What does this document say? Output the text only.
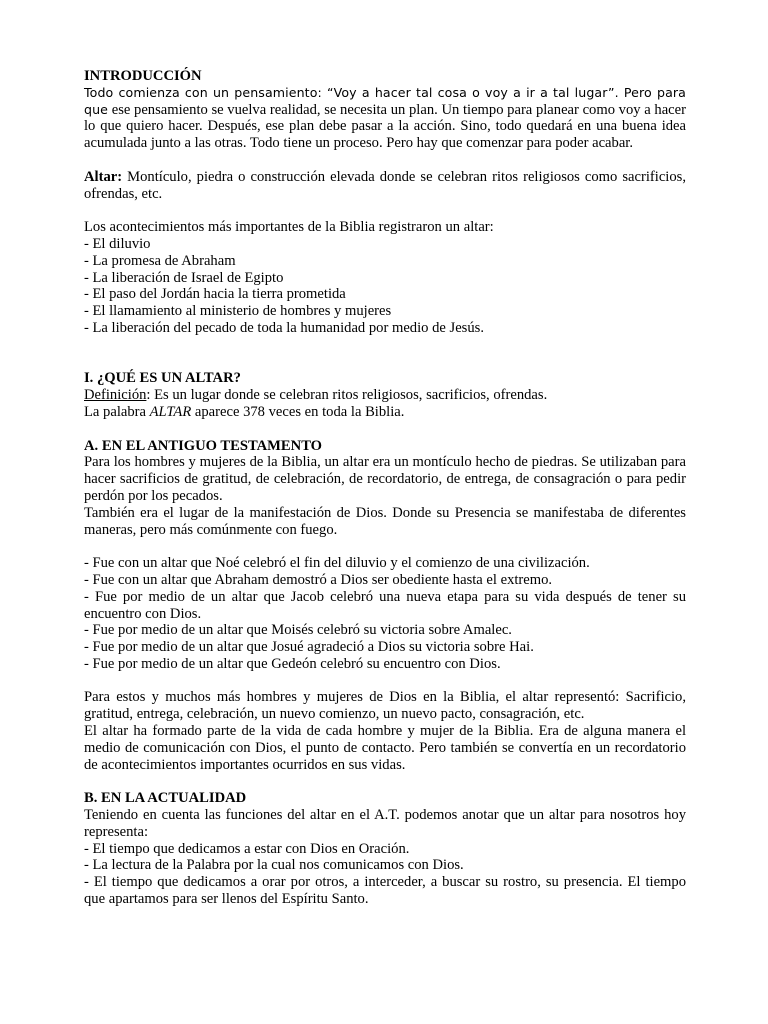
INTRODUCCIÓN

Todo comienza con un pensamiento: “Voy a hacer tal cosa o voy a ir a tal lugar”. Pero para que ese pensamiento se vuelva realidad, se necesita un plan. Un tiempo para planear como voy a hacer lo que quiero hacer. Después, ese plan debe pasar a la acción. Sino, todo quedará en una buena idea acumulada junto a las otras. Todo tiene un proceso. Pero hay que comenzar para poder acabar.

Altar: Montículo, piedra o construcción elevada donde se celebran ritos religiosos como sacrificios, ofrendas, etc.

Los acontecimientos más importantes de la Biblia registraron un altar:

- El diluvio
- La promesa de Abraham
- La liberación de Israel de Egipto
- El paso del Jordán hacia la tierra prometida
- El llamamiento al ministerio de hombres y mujeres
- La liberación del pecado de toda la humanidad por medio de Jesús.
I. ¿QUÉ ES UN ALTAR?

Definición: Es un lugar donde se celebran ritos religiosos, sacrificios, ofrendas.

La palabra ALTAR aparece 378 veces en toda la Biblia.

A. EN EL ANTIGUO TESTAMENTO

Para los hombres y mujeres de la Biblia, un altar era un montículo hecho de piedras. Se utilizaban para hacer sacrificios de gratitud, de celebración, de recordatorio, de entrega, de consagración o para pedir perdón por los pecados.

También era el lugar de la manifestación de Dios. Donde su Presencia se manifestaba de diferentes maneras, pero más comúnmente con fuego.

- Fue con un altar que Noé celebró el fin del diluvio y el comienzo de una civilización.
- Fue con un altar que Abraham demostró a Dios ser obediente hasta el extremo.
- Fue por medio de un altar que Jacob celebró una nueva etapa para su vida después de tener su encuentro con Dios.
- Fue por medio de un altar que Moisés celebró su victoria sobre Amalec.
- Fue por medio de un altar que Josué agradeció a Dios su victoria sobre Hai.
- Fue por medio de un altar que Gedeón celebró su encuentro con Dios.

Para estos y muchos más hombres y mujeres de Dios en la Biblia, el altar representó: Sacrificio, gratitud, entrega, celebración, un nuevo comienzo, un nuevo pacto, consagración, etc.

El altar ha formado parte de la vida de cada hombre y mujer de la Biblia. Era de alguna manera el medio de comunicación con Dios, el punto de contacto. Pero también se convertía en un recordatorio de acontecimientos importantes ocurridos en sus vidas.

B. EN LA ACTUALIDAD

Teniendo en cuenta las funciones del altar en el A.T. podemos anotar que un altar para nosotros hoy representa:

- El tiempo que dedicamos a estar con Dios en Oración.
- La lectura de la Palabra por la cual nos comunicamos con Dios.
- El tiempo que dedicamos a orar por otros, a interceder, a buscar su rostro, su presencia. El tiempo que apartamos para ser llenos del Espíritu Santo.
